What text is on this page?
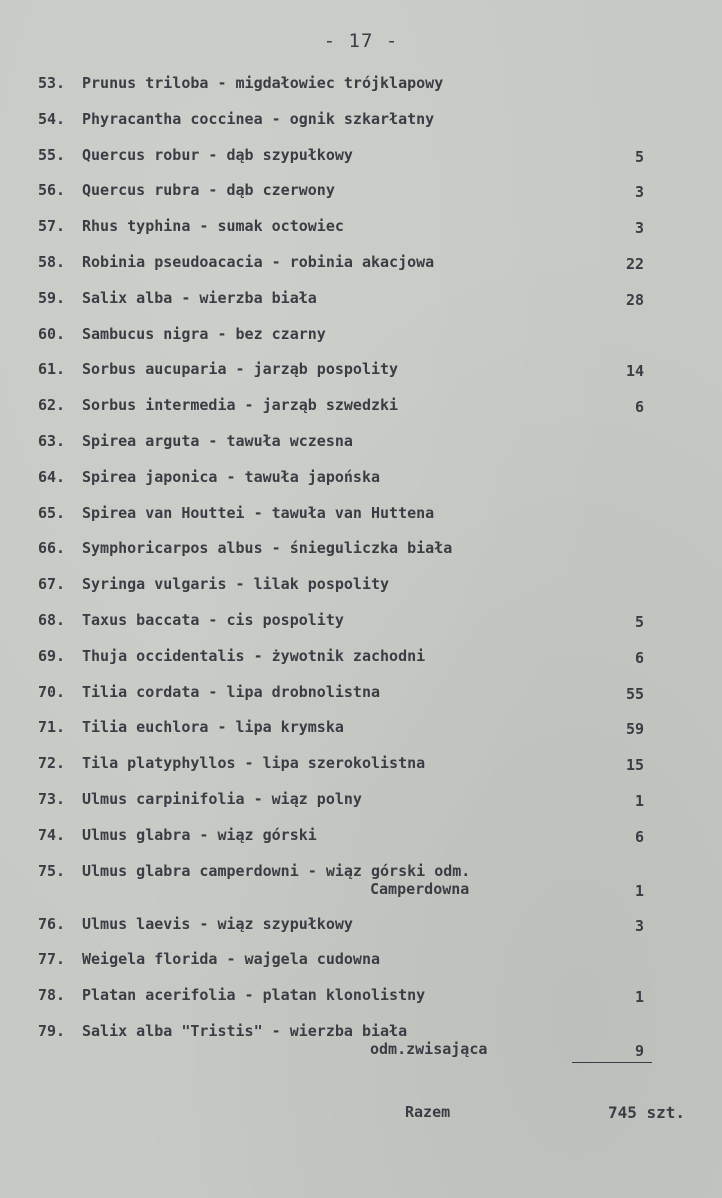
- 17 -
53.	Prunus triloba - migdałowiec trójklapowy
54.	Phyracantha coccinea - ognik szkarłatny
55.	Quercus robur - dąb szypułkowy	5
56.	Quercus rubra - dąb czerwony	3
57.	Rhus typhina - sumak octowiec	3
58.	Robinia pseudoacacia - robinia akacjowa	22
59.	Salix alba - wierzba biała	28
60.	Sambucus nigra - bez czarny
61.	Sorbus aucuparia - jarząb pospolity	14
62.	Sorbus intermedia - jarząb szwedzki	6
63.	Spirea arguta - tawuła wczesna
64.	Spirea japonica - tawuła japońska
65.	Spirea van Houttei - tawuła van Huttena
66.	Symphoricarpos albus - śnieguliczka biała
67.	Syringa vulgaris - lilak pospolity
68.	Taxus baccata - cis pospolity	5
69.	Thuja occidentalis - żywotnik zachodni	6
70.	Tilia cordata - lipa drobnolistna	55
71.	Tilia euchlora - lipa krymska	59
72.	Tila platyphyllos - lipa szerokolistna	15
73.	Ulmus carpinifolia - wiąz polny	1
74.	Ulmus glabra - wiąz górski	6
75.	Ulmus glabra camperdowni - wiąz górski odm.
Camperdowna	1
76.	Ulmus laevis - wiąz szypułkowy	3
77.	Weigela florida - wajgela cudowna
78.	Platan acerifolia - platan klonolistny	1
79.	Salix alba "Tristis" - wierzba biała
odm.zwisająca	9
Razem	745 szt.
